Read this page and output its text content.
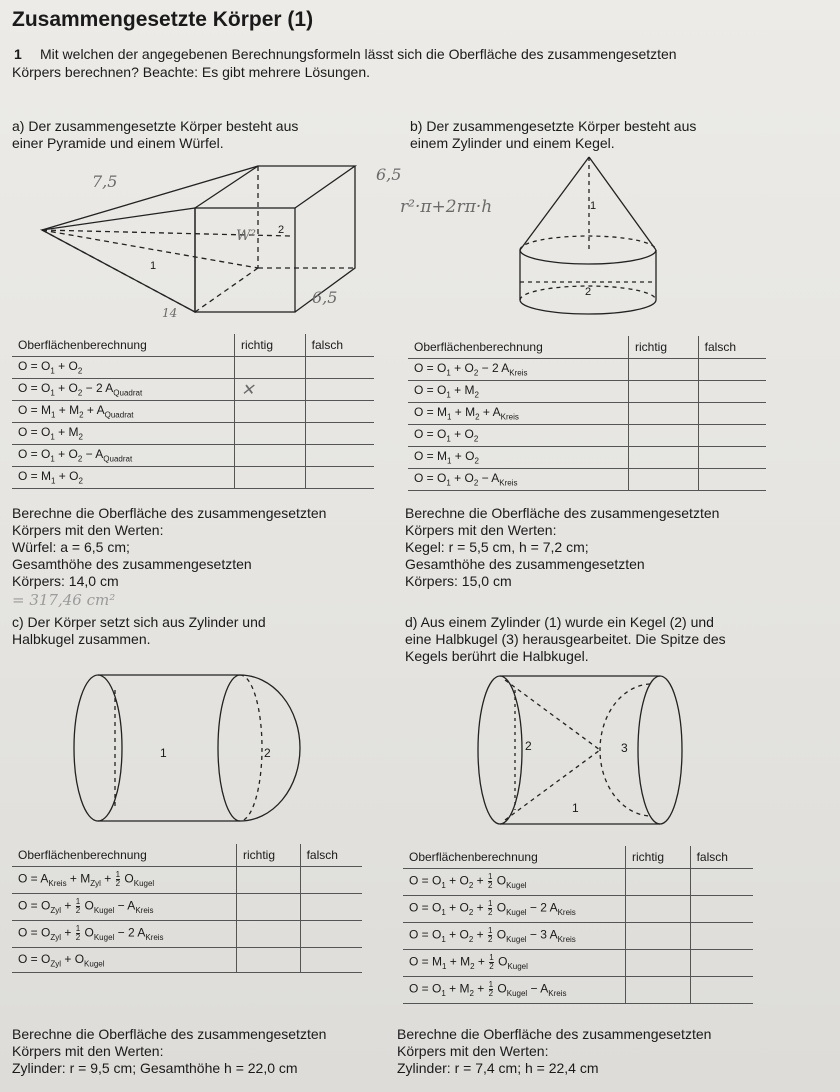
Zusammengesetzte Körper (1)
1 Mit welchen der angegebenen Berechnungsformeln lässt sich die Oberfläche des zusammengesetzten
Körpers berechnen? Beachte: Es gibt mehrere Lösungen.
a) Der zusammengesetzte Körper besteht aus
einer Pyramide und einem Würfel.
1
2
7,5
W²
6,5
14
Oberflächenberechnung	richtig	falsch
$O = O_1 + O_2$		
$O = O_1 + O_2 - 2$ $A_{Quadrat}$	✕	
$O = M_1 + M_2 + A_{Quadrat}$		
$O = O_1 + M_2$		
$O = O_1 + O_2 - A_{Quadrat}$		
$O = M_1 + O_2$		
Berechne die Oberfläche des zusammengesetzten
Körpers mit den Werten:
Würfel: a = 6,5 cm;
Gesamthöhe des zusammengesetzten
Körpers: 14,0 cm
= 317,46 cm²
b) Der zusammengesetzte Körper besteht aus
einem Zylinder und einem Kegel.
1
2
6,5
r²·π+2rπ·h
Oberflächenberechnung	richtig	falsch
$O = O_1 + O_2 - 2$ $A_{Kreis}$		
$O = O_1 + M_2$		
$O = M_1 + M_2 + A_{Kreis}$		
$O = O_1 + O_2$		
$O = M_1 + O_2$		
$O = O_1 + O_2 - A_{Kreis}$		
Berechne die Oberfläche des zusammengesetzten
Körpers mit den Werten:
Kegel: r = 5,5 cm, h = 7,2 cm;
Gesamthöhe des zusammengesetzten
Körpers: 15,0 cm
c) Der Körper setzt sich aus Zylinder und
Halbkugel zusammen.
1	2
Oberflächenberechnung	richtig	falsch
$O = A_{Kreis} + M_{Zyl} + \frac{1}{2} O_{Kugel}$		
$O = O_{Zyl} + \frac{1}{2} O_{Kugel} - A_{Kreis}$		
$O = O_{Zyl} + \frac{1}{2} O_{Kugel} - 2$ $A_{Kreis}$		
$O = O_{Zyl} + O_{Kugel}$		
Berechne die Oberfläche des zusammengesetzten
Körpers mit den Werten:
Zylinder: r = 9,5 cm; Gesamthöhe h = 22,0 cm
d) Aus einem Zylinder (1) wurde ein Kegel (2) und
eine Halbkugel (3) herausgearbeitet. Die Spitze des
Kegels berührt die Halbkugel.
2	3
1
Oberflächenberechnung	richtig	falsch
$O = O_1 + O_2 + \frac{1}{2} O_{Kugel}$		
$O = O_1 + O_2 + \frac{1}{2} O_{Kugel} - 2$ $A_{Kreis}$		
$O = O_1 + O_2 + \frac{1}{2} O_{Kugel} - 3$ $A_{Kreis}$		
$O = M_1 + M_2 + \frac{1}{2} O_{Kugel}$		
$O = O_1 + M_2 + \frac{1}{2} O_{Kugel} - A_{Kreis}$		
Berechne die Oberfläche des zusammengesetzten
Körpers mit den Werten:
Zylinder: r = 7,4 cm; h = 22,4 cm
